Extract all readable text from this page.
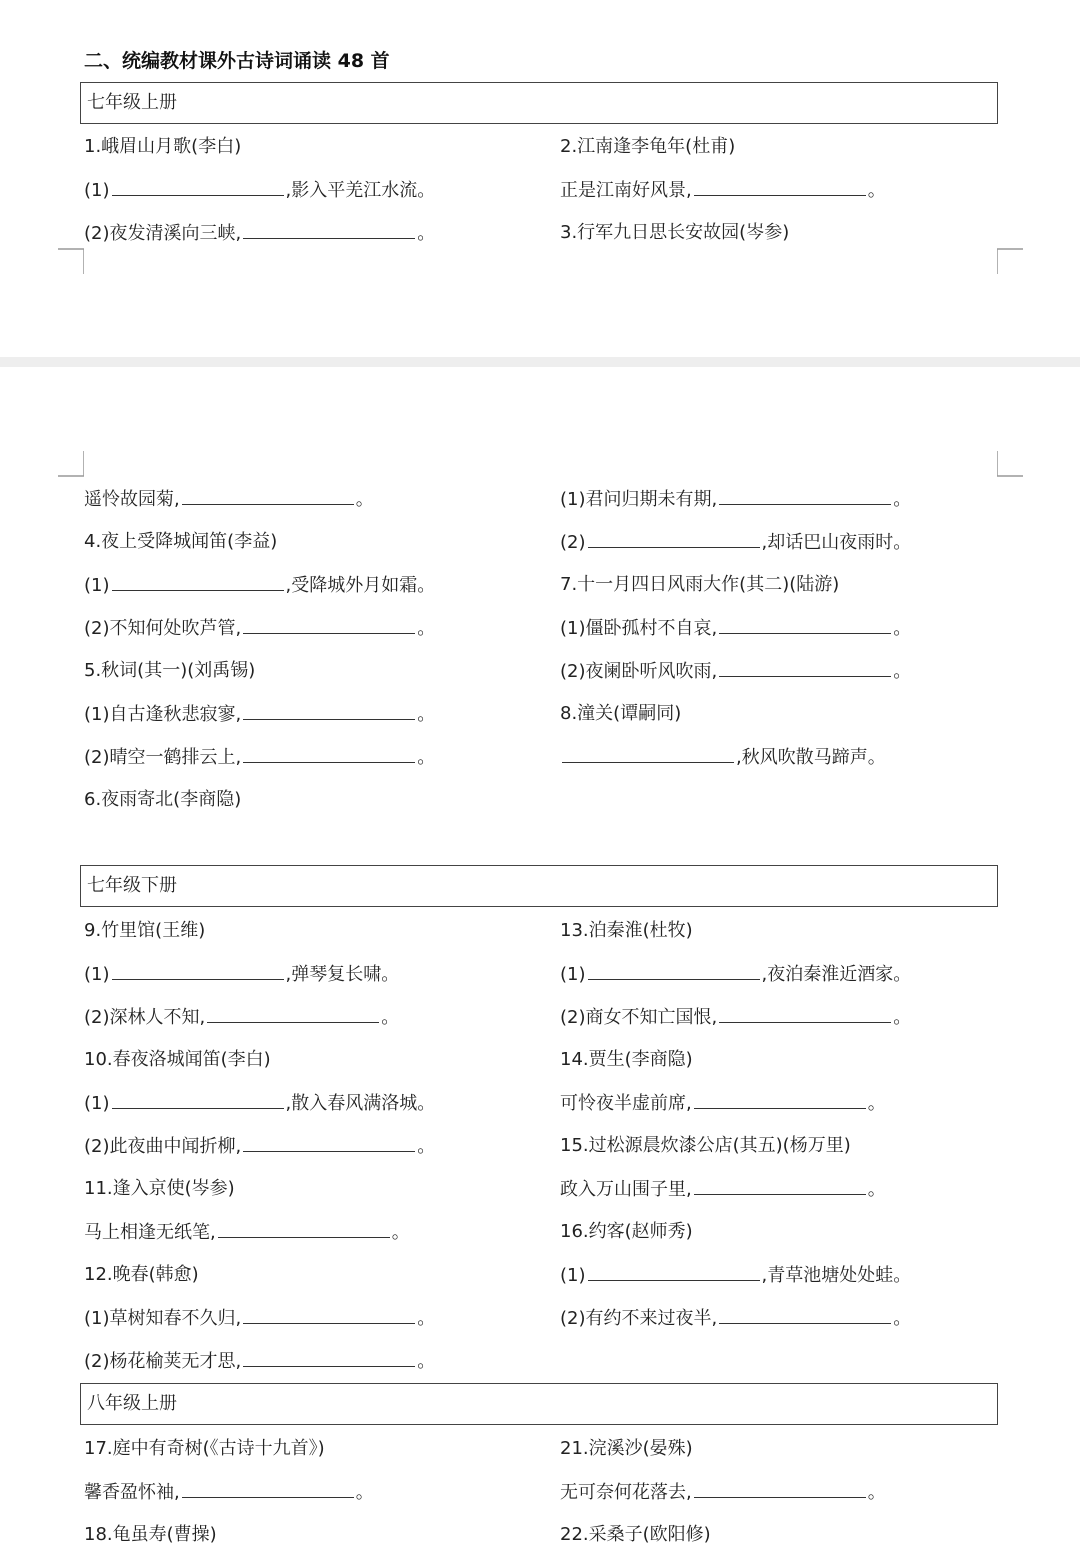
二、统编教材课外古诗词诵读 48 首
七年级上册
1.峨眉山月歌(李白)
(1)	,影入平羌江水流。
(2)夜发清溪向三峡,	。
2.江南逢李龟年(杜甫)
正是江南好风景,	。
3.行军九日思长安故园(岑参)
七年级下册
八年级上册
遥怜故园菊,	。
4.夜上受降城闻笛(李益)
(1)	,受降城外月如霜。
(2)不知何处吹芦管,	。
5.秋词(其一)(刘禹锡)
(1)自古逢秋悲寂寥,	。
(2)晴空一鹤排云上,	。
6.夜雨寄北(李商隐)
(1)君问归期未有期,	。
(2)	,却话巴山夜雨时。
7.十一月四日风雨大作(其二)(陆游)
(1)僵卧孤村不自哀,	。
(2)夜阑卧听风吹雨,	。
8.潼关(谭嗣同)
,秋风吹散马蹄声。
9.竹里馆(王维)
(1)	,弹琴复长啸。
(2)深林人不知,	。
10.春夜洛城闻笛(李白)
(1)	,散入春风满洛城。
(2)此夜曲中闻折柳,	。
11.逢入京使(岑参)
马上相逢无纸笔,	。
12.晚春(韩愈)
(1)草树知春不久归,	。
(2)杨花榆荚无才思,	。
13.泊秦淮(杜牧)
(1)	,夜泊秦淮近酒家。
(2)商女不知亡国恨,	。
14.贾生(李商隐)
可怜夜半虚前席,	。
15.过松源晨炊漆公店(其五)(杨万里)
政入万山围子里,	。
16.约客(赵师秀)
(1)	,青草池塘处处蛙。
(2)有约不来过夜半,	。
17.庭中有奇树(《古诗十九首》)
馨香盈怀袖,	。
18.龟虽寿(曹操)
21.浣溪沙(晏殊)
无可奈何花落去,	。
22.采桑子(欧阳修)
